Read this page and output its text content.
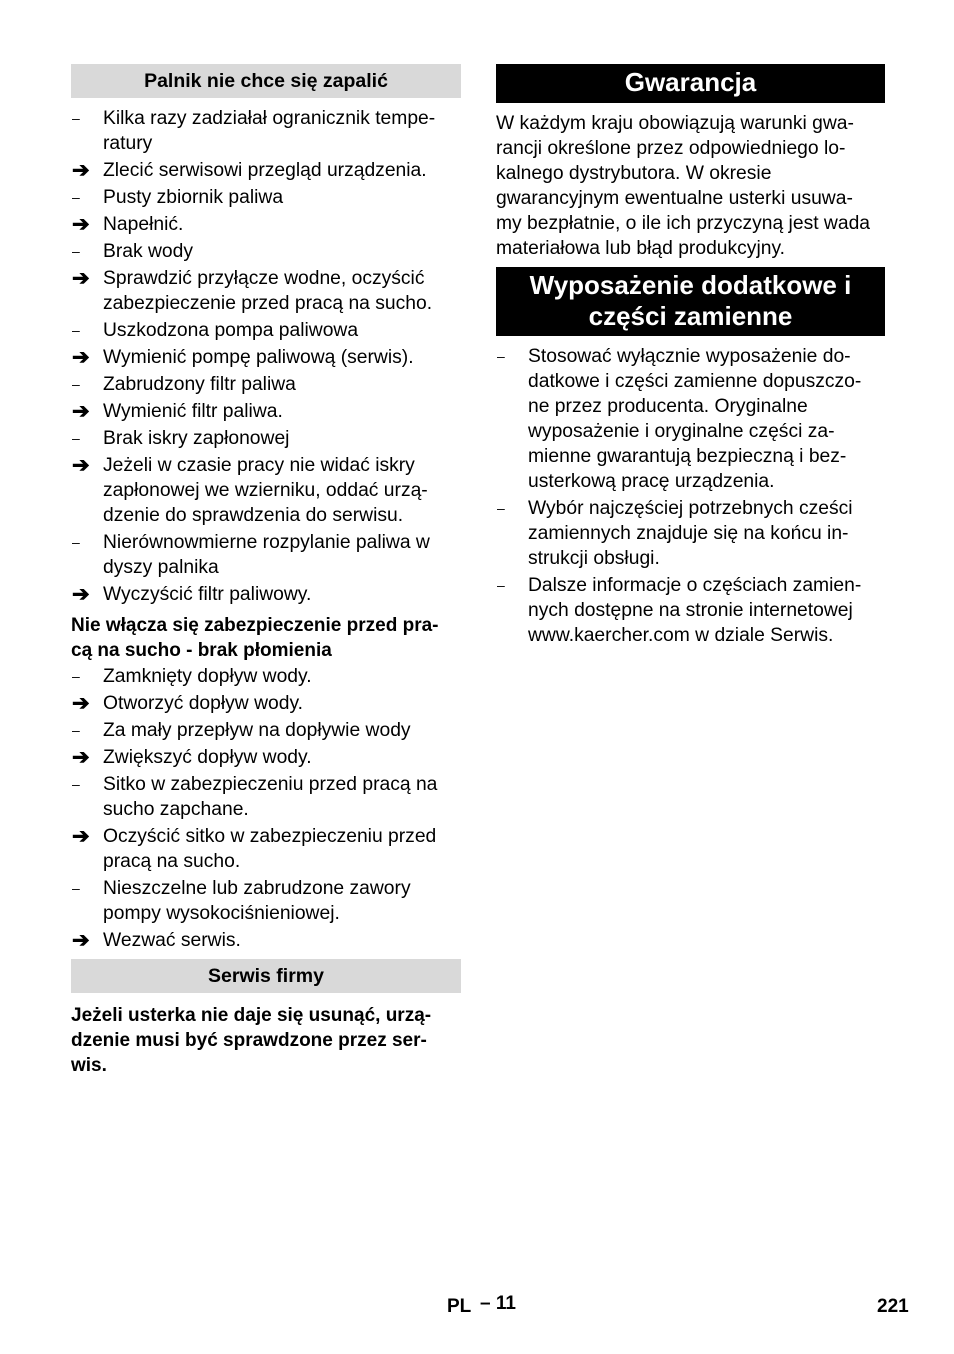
Palnik nie chce się zapalić
–	Kilka razy zadziałał ogranicznik tempe-
ratury
➔ Zlecić serwisowi przegląd urządzenia.
–	Pusty zbiornik paliwa
➔ Napełnić.
–	Brak wody
➔ Sprawdzić przyłącze wodne, oczyścić
zabezpieczenie przed pracą na sucho.
–	Uszkodzona pompa paliwowa
➔ Wymienić pompę paliwową (serwis).
–	Zabrudzony filtr paliwa
➔ Wymienić filtr paliwa.
–	Brak iskry zapłonowej
➔ Jeżeli w czasie pracy nie widać iskry
zapłonowej we wzierniku, oddać urzą-
dzenie do sprawdzenia do serwisu.
–	Nierównowmierne rozpylanie paliwa w
dyszy palnika
➔ Wyczyścić filtr paliwowy.

Nie włącza się zabezpieczenie przed pra-
cą na sucho - brak płomienia

–	Zamknięty dopływ wody.
➔ Otworzyć dopływ wody.
–	Za mały przepływ na dopływie wody
➔ Zwiększyć dopływ wody.
–	Sitko w zabezpieczeniu przed pracą na
sucho zapchane.
➔ Oczyścić sitko w zabezpieczeniu przed
pracą na sucho.
–	Nieszczelne lub zabrudzone zawory
pompy wysokociśnieniowej.
➔ Wezwać serwis.
Serwis firmy

Jeżeli usterka nie daje się usunąć, urzą-
dzenie musi być sprawdzone przez ser-
wis.

Gwarancja

W każdym kraju obowiązują warunki gwa-
rancji określone przez odpowiedniego lo-
kalnego dystrybutora. W okresie
gwarancyjnym ewentualne usterki usuwa-
my bezpłatnie, o ile ich przyczyną jest wada
materiałowa lub błąd produkcyjny.

Wyposażenie dodatkowe i
części zamienne
–	Stosować wyłącznie wyposażenie do-
datkowe i części zamienne dopuszczo-
ne przez producenta. Oryginalne
wyposażenie i oryginalne części za-
mienne gwarantują bezpieczną i bez-
usterkową pracę urządzenia.
–	Wybór najczęściej potrzebnych cześci
zamiennych znajduje się na końcu in-
strukcji obsługi.
–	Dalsze informacje o częściach zamien-
nych dostępne na stronie internetowej
www.kaercher.com w dziale Serwis.
PL – 11	221
